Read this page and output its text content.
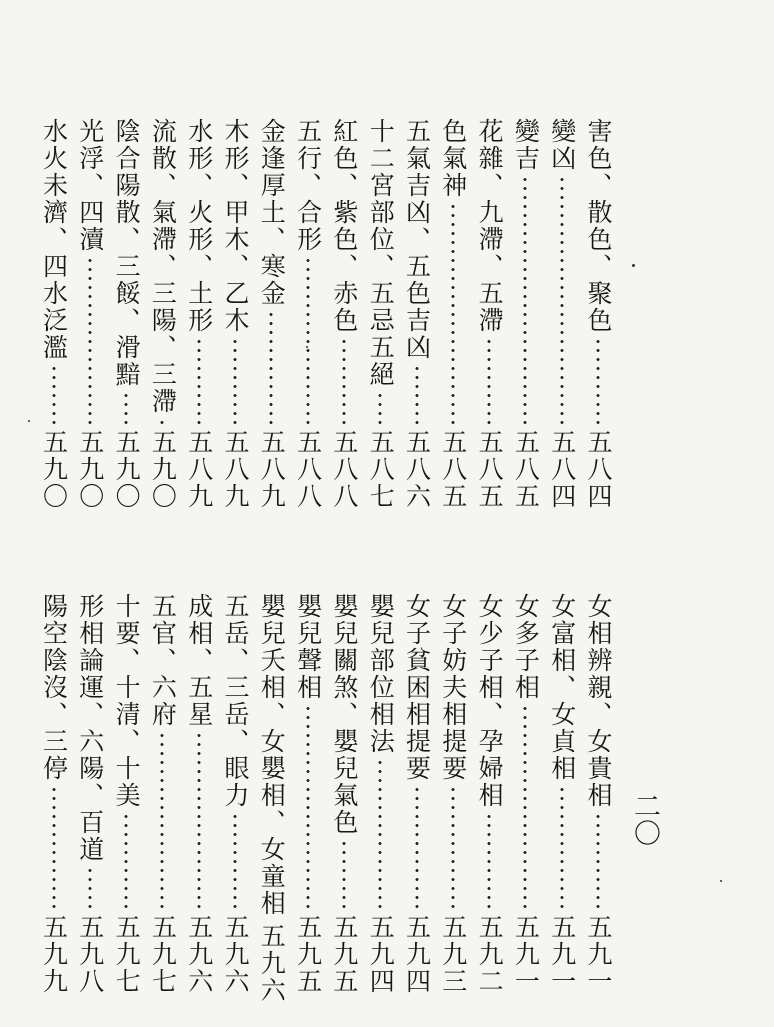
害色、散色、聚色
五八四
變凶
五八四
變吉
五八五
花雜、九滯、五滯
五八五
色氣神
五八五
五氣吉凶、五色吉凶
五八六
十二宮部位、五忌五絕
五八七
紅色、紫色、赤色
五八八
五行、合形
五八八
金逢厚土、寒金
五八九
木形、甲木、乙木
五八九
水形、火形、土形
五八九
流散、氣滯、三陽、三滯
五九〇
陰合陽散、三餒、滑黯
五九〇
光浮、四瀆
五九〇
水火未濟、四水泛濫
五九〇
女相辨親、女貴相
五九一
女富相、女貞相
五九一
女多子相
五九一
女少子相、孕婦相
五九二
女子妨夫相提要
五九三
女子貧困相提要
五九四
嬰兒部位相法
五九四
嬰兒關煞、嬰兒氣色
五九五
嬰兒聲相
五九五
嬰兒夭相、女嬰相、女童相
五九六
五岳、三岳、眼力
五九六
成相、五星
五九六
五官、六府
五九七
十要、十清、十美
五九七
形相論運、六陽、百道
五九八
陽空陰沒、三停
五九九
二〇
